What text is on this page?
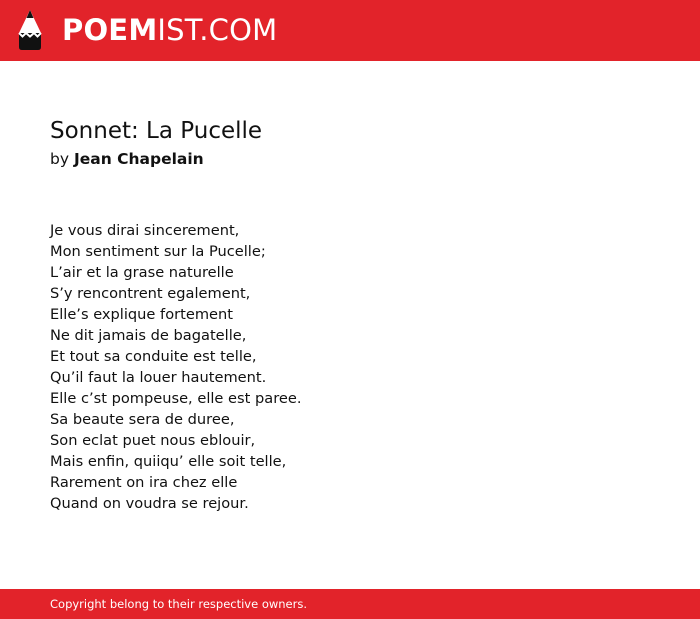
POEMIST.COM
Sonnet: La Pucelle
by Jean Chapelain
Je vous dirai sincerement,
Mon sentiment sur la Pucelle;
L’air et la grase naturelle
S’y rencontrent egalement,
Elle’s explique fortement
Ne dit jamais de bagatelle,
Et tout sa conduite est telle,
Qu’il faut la louer hautement.
Elle c’st pompeuse, elle est paree.
Sa beaute sera de duree,
Son eclat puet nous eblouir,
Mais enfin, quiiqu’ elle soit telle,
Rarement on ira chez elle
Quand on voudra se rejour.
Copyright belong to their respective owners.
